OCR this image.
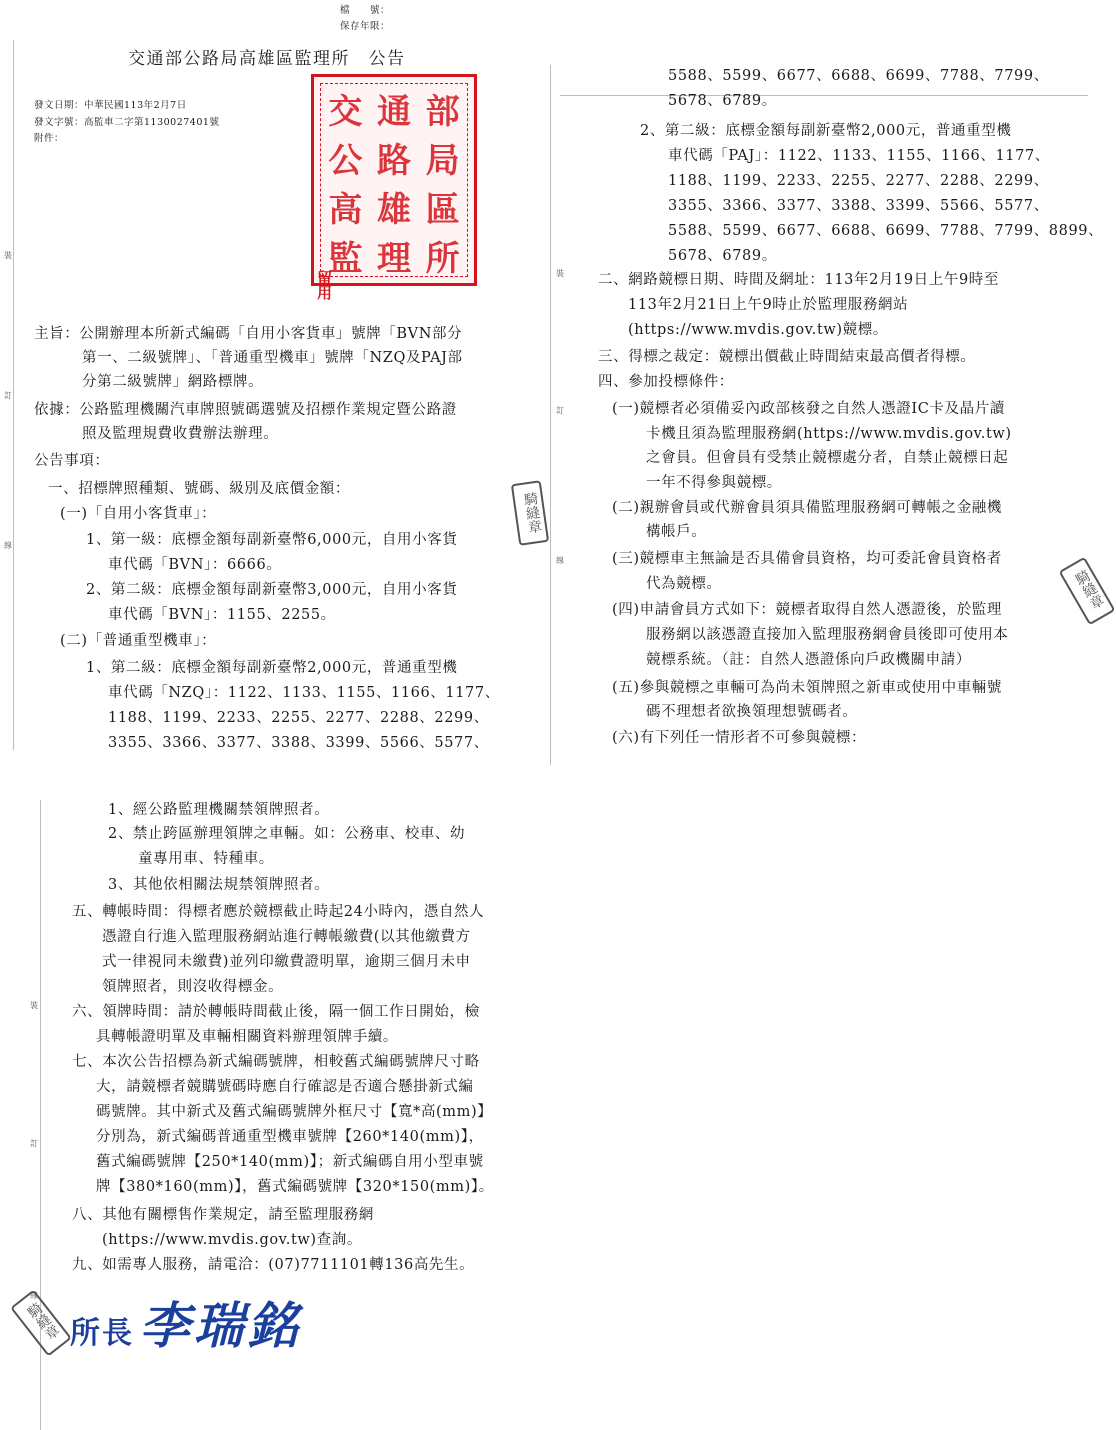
檔　　號：
保存年限：
交通部公路局高雄區監理所　公告
發文日期：中華民國113年2月7日
發文字號：高監車二字第1130027401號
附件：
交 通 部
公 路 局
高 雄 區
監 理 所
留用
裝
訂
線
裝
訂
線
裝
訂
線
騎縫章
騎縫章
騎縫章
主旨：公開辦理本所新式編碼「自用小客貨車」號牌「BVN部分
第一、二級號牌」、「普通重型機車」號牌「NZQ及PAJ部
分第二級號牌」網路標牌。
依據：公路監理機關汽車牌照號碼選號及招標作業規定暨公路證
照及監理規費收費辦法辦理。
公告事項：
一、招標牌照種類、號碼、級別及底價金額：
(一)「自用小客貨車」：
1、第一級：底標金額每副新臺幣6,000元，自用小客貨
車代碼「BVN」：6666。
2、第二級：底標金額每副新臺幣3,000元，自用小客貨
車代碼「BVN」：1155、2255。
(二)「普通重型機車」：
1、第二級：底標金額每副新臺幣2,000元，普通重型機
車代碼「NZQ」：1122、1133、1155、1166、1177、
1188、1199、2233、2255、2277、2288、2299、
3355、3366、3377、3388、3399、5566、5577、
5588、5599、6677、6688、6699、7788、7799、
5678、6789。
2、第二級：底標金額每副新臺幣2,000元，普通重型機
車代碼「PAJ」：1122、1133、1155、1166、1177、
1188、1199、2233、2255、2277、2288、2299、
3355、3366、3377、3388、3399、5566、5577、
5588、5599、6677、6688、6699、7788、7799、8899、
5678、6789。
二、網路競標日期、時間及網址：113年2月19日上午9時至
113年2月21日上午9時止於監理服務網站
(https://www.mvdis.gov.tw)競標。
三、得標之裁定：競標出價截止時間結束最高價者得標。
四、參加投標條件：
(一)競標者必須備妥內政部核發之自然人憑證IC卡及晶片讀
卡機且須為監理服務網(https://www.mvdis.gov.tw)
之會員。但會員有受禁止競標處分者，自禁止競標日起
一年不得參與競標。
(二)親辦會員或代辦會員須具備監理服務網可轉帳之金融機
構帳戶。
(三)競標車主無論是否具備會員資格，均可委託會員資格者
代為競標。
(四)申請會員方式如下：競標者取得自然人憑證後，於監理
服務網以該憑證直接加入監理服務網會員後即可使用本
競標系統。（註：自然人憑證係向戶政機關申請）
(五)參與競標之車輛可為尚未領牌照之新車或使用中車輛號
碼不理想者欲換領理想號碼者。
(六)有下列任一情形者不可參與競標：
1、經公路監理機關禁領牌照者。
2、禁止跨區辦理領牌之車輛。如：公務車、校車、幼
童專用車、特種車。
3、其他依相關法規禁領牌照者。
五、轉帳時間：得標者應於競標截止時起24小時內，憑自然人
憑證自行進入監理服務網站進行轉帳繳費(以其他繳費方
式一律視同未繳費)並列印繳費證明單，逾期三個月未申
領牌照者，則沒收得標金。
六、領牌時間：請於轉帳時間截止後，隔一個工作日開始，檢
具轉帳證明單及車輛相關資料辦理領牌手續。
七、本次公告招標為新式編碼號牌，相較舊式編碼號牌尺寸略
大，請競標者競購號碼時應自行確認是否適合懸掛新式編
碼號牌。其中新式及舊式編碼號牌外框尺寸【寬*高(mm)】
分別為，新式編碼普通重型機車號牌【260*140(mm)】，
舊式編碼號牌【250*140(mm)】；新式編碼自用小型車號
牌【380*160(mm)】，舊式編碼號牌【320*150(mm)】。
八、其他有關標售作業規定，請至監理服務網
(https://www.mvdis.gov.tw)查詢。
九、如需專人服務，請電洽：(07)7711101轉136高先生。
所長 李瑞銘
